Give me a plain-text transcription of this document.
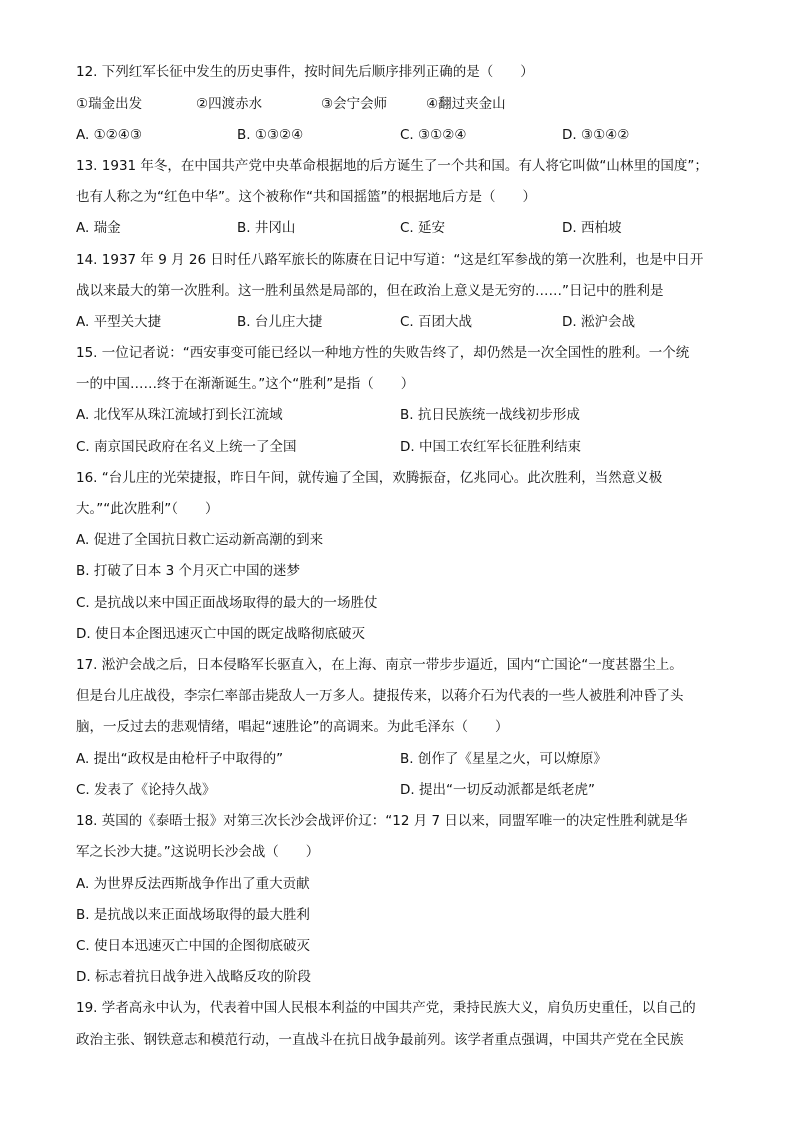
12. 下列红军长征中发生的历史事件，按时间先后顺序排列正确的是（　　）
①瑞金出发	②四渡赤水	③会宁会师	④翻过夹金山
A. ①②④③	B. ①③②④	C. ③①②④	D. ③①④②
13. 1931 年冬，在中国共产党中央革命根据地的后方诞生了一个共和国。有人将它叫做“山林里的国度”；
也有人称之为“红色中华”。这个被称作“共和国摇篮”的根据地后方是（　　）
A. 瑞金	B. 井冈山	C. 延安	D. 西柏坡
14. 1937 年 9 月 26 日时任八路军旅长的陈赓在日记中写道：“这是红军参战的第一次胜利，也是中日开
战以来最大的第一次胜利。这一胜利虽然是局部的，但在政治上意义是无穷的……”日记中的胜利是
A. 平型关大捷	B. 台儿庄大捷	C. 百团大战	D. 淞沪会战
15. 一位记者说：“西安事变可能已经以一种地方性的失败告终了，却仍然是一次全国性的胜利。一个统
一的中国……终于在渐渐诞生。”这个“胜利”是指（　　）
A. 北伐军从珠江流域打到长江流域	B. 抗日民族统一战线初步形成
C. 南京国民政府在名义上统一了全国	D. 中国工农红军长征胜利结束
16. “台儿庄的光荣捷报，昨日午间，就传遍了全国，欢腾振奋，亿兆同心。此次胜利，当然意义极
大。”“此次胜利”（　　）
A. 促进了全国抗日救亡运动新高潮的到来
B. 打破了日本 3 个月灭亡中国的迷梦
C. 是抗战以来中国正面战场取得的最大的一场胜仗
D. 使日本企图迅速灭亡中国的既定战略彻底破灭
17. 淞沪会战之后，日本侵略军长驱直入，在上海、南京一带步步逼近，国内“亡国论“一度甚嚣尘上。
但是台儿庄战役，李宗仁率部击毙敌人一万多人。捷报传来，以蒋介石为代表的一些人被胜利冲昏了头
脑，一反过去的悲观情绪，唱起“速胜论”的高调来。为此毛泽东（　　）
A. 提出“政权是由枪杆子中取得的”	B. 创作了《星星之火，可以燎原》
C. 发表了《论持久战》	D. 提出“一切反动派都是纸老虎”
18. 英国的《泰晤士报》对第三次长沙会战评价辽：“12 月 7 日以来，同盟军唯一的决定性胜利就是华
军之长沙大捷。”这说明长沙会战（　　）
A. 为世界反法西斯战争作出了重大贡献
B. 是抗战以来正面战场取得的最大胜利
C. 使日本迅速灭亡中国的企图彻底破灭
D. 标志着抗日战争进入战略反攻的阶段
19. 学者高永中认为，代表着中国人民根本利益的中国共产党，秉持民族大义，肩负历史重任，以自己的
政治主张、钢铁意志和模范行动，一直战斗在抗日战争最前列。该学者重点强调，中国共产党在全民族
